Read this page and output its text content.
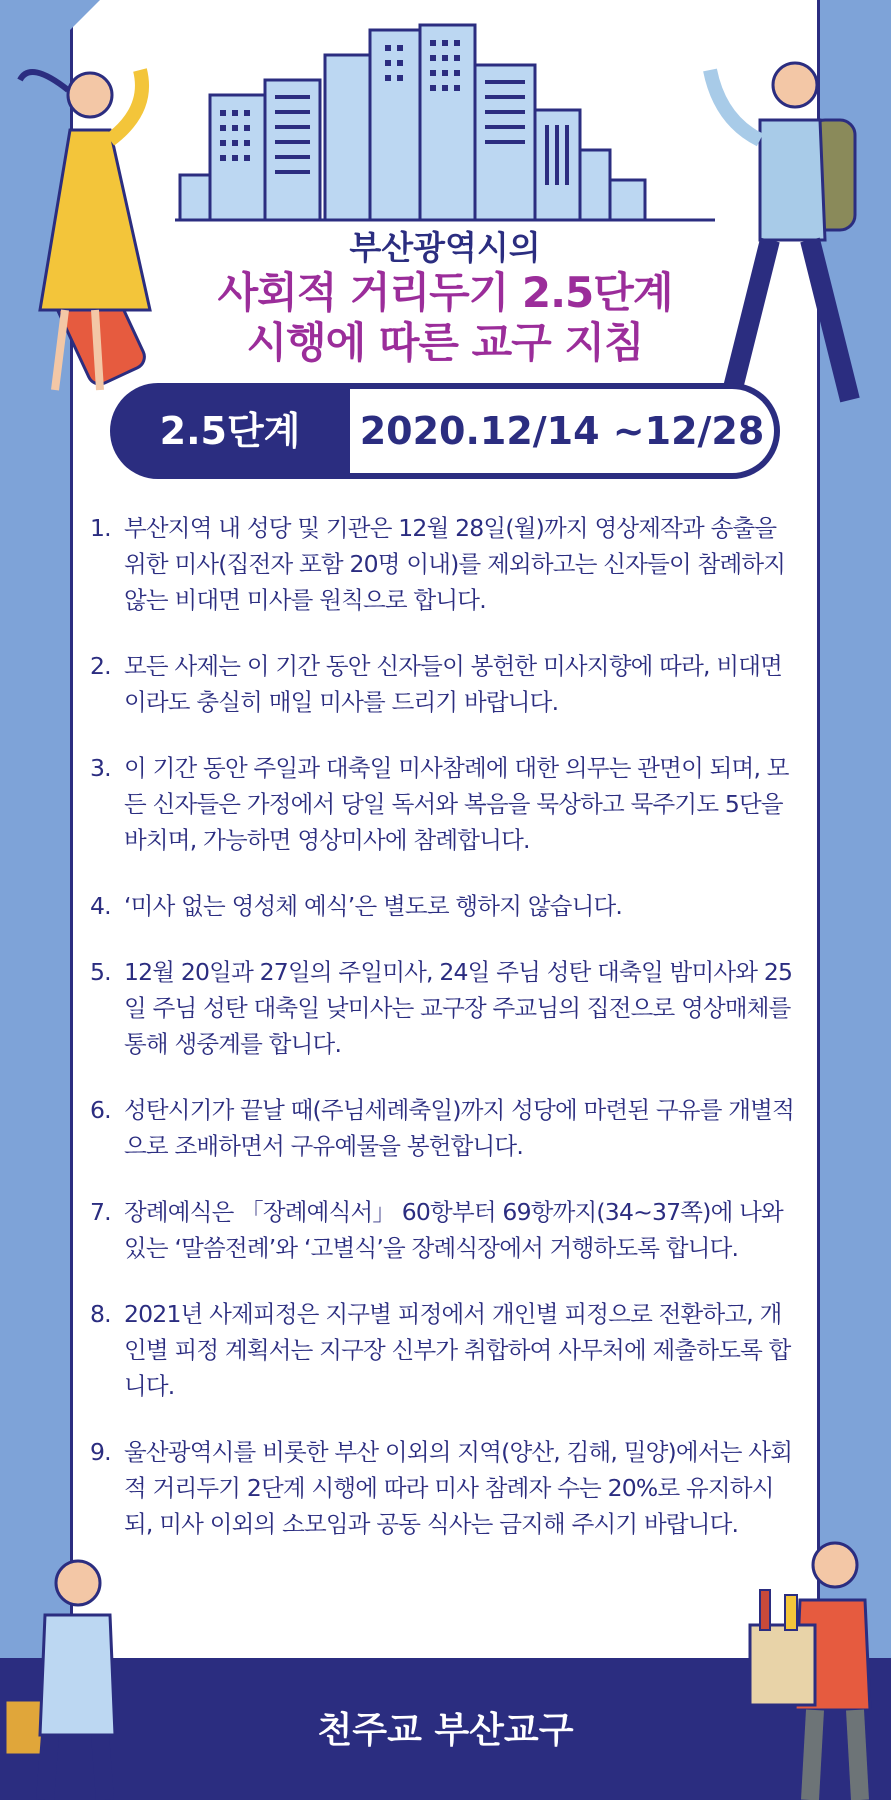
부산광역시의
사회적 거리두기 2.5단계
시행에 따른 교구 지침
2.5단계	2020.12/14 ~12/28
1. 부산지역 내 성당 및 기관은 12월 28일(월)까지 영상제작과 송출을 위한 미사(집전자 포함 20명 이내)를 제외하고는 신자들이 참례하지 않는 비대면 미사를 원칙으로 합니다.
2. 모든 사제는 이 기간 동안 신자들이 봉헌한 미사지향에 따라, 비대면이라도 충실히 매일 미사를 드리기 바랍니다.
3. 이 기간 동안 주일과 대축일 미사참례에 대한 의무는 관면이 되며, 모든 신자들은 가정에서 당일 독서와 복음을 묵상하고 묵주기도 5단을 바치며, 가능하면 영상미사에 참례합니다.
4. ‘미사 없는 영성체 예식’은 별도로 행하지 않습니다.
5. 12월 20일과 27일의 주일미사, 24일 주님 성탄 대축일 밤미사와 25일 주님 성탄 대축일 낮미사는 교구장 주교님의 집전으로 영상매체를 통해 생중계를 합니다.
6. 성탄시기가 끝날 때(주님세례축일)까지 성당에 마련된 구유를 개별적으로 조배하면서 구유예물을 봉헌합니다.
7. 장례예식은 「장례예식서」 60항부터 69항까지(34~37쪽)에 나와 있는 ‘말씀전례’와 ‘고별식’을 장례식장에서 거행하도록 합니다.
8. 2021년 사제피정은 지구별 피정에서 개인별 피정으로 전환하고, 개인별 피정 계획서는 지구장 신부가 취합하여 사무처에 제출하도록 합니다.
9. 울산광역시를 비롯한 부산 이외의 지역(양산, 김해, 밀양)에서는 사회적 거리두기 2단계 시행에 따라 미사 참례자 수는 20%로 유지하시되, 미사 이외의 소모임과 공동 식사는 금지해 주시기 바랍니다.
천주교 부산교구
